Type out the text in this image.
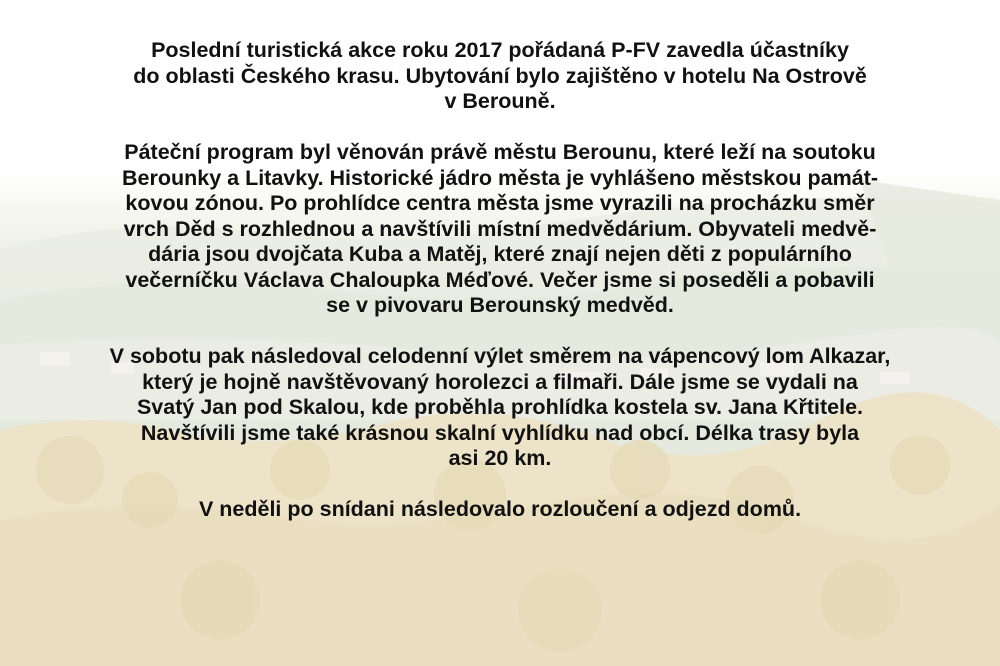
Poslední turistická akce roku 2017 pořádaná P-FV zavedla účastníky
do oblasti Českého krasu. Ubytování bylo zajištěno v hotelu Na Ostrově
v Berouně.

Páteční program byl věnován právě městu Berounu, které leží na soutoku
Berounky a Litavky. Historické jádro města je vyhlášeno městskou památ-
kovou zónou. Po prohlídce centra města jsme vyrazili na procházku směr
vrch Děd s rozhlednou a navštívili místní medvědárium. Obyvateli medvě-
dária jsou dvojčata Kuba a Matěj, které znají nejen děti z populárního
večerníčku Václava Chaloupka Méďové. Večer jsme si poseděli a pobavili
se v pivovaru Berounský medvěd.

V sobotu pak následoval celodenní výlet směrem na vápencový lom Alkazar,
který je hojně navštěvovaný horolezci a filmaři. Dále jsme se vydali na
Svatý Jan pod Skalou, kde proběhla prohlídka kostela sv. Jana Křtitele.
Navštívili jsme také krásnou skalní vyhlídku nad obcí. Délka trasy byla
asi 20 km.

V neděli po snídani následovalo rozloučení a odjezd domů.
